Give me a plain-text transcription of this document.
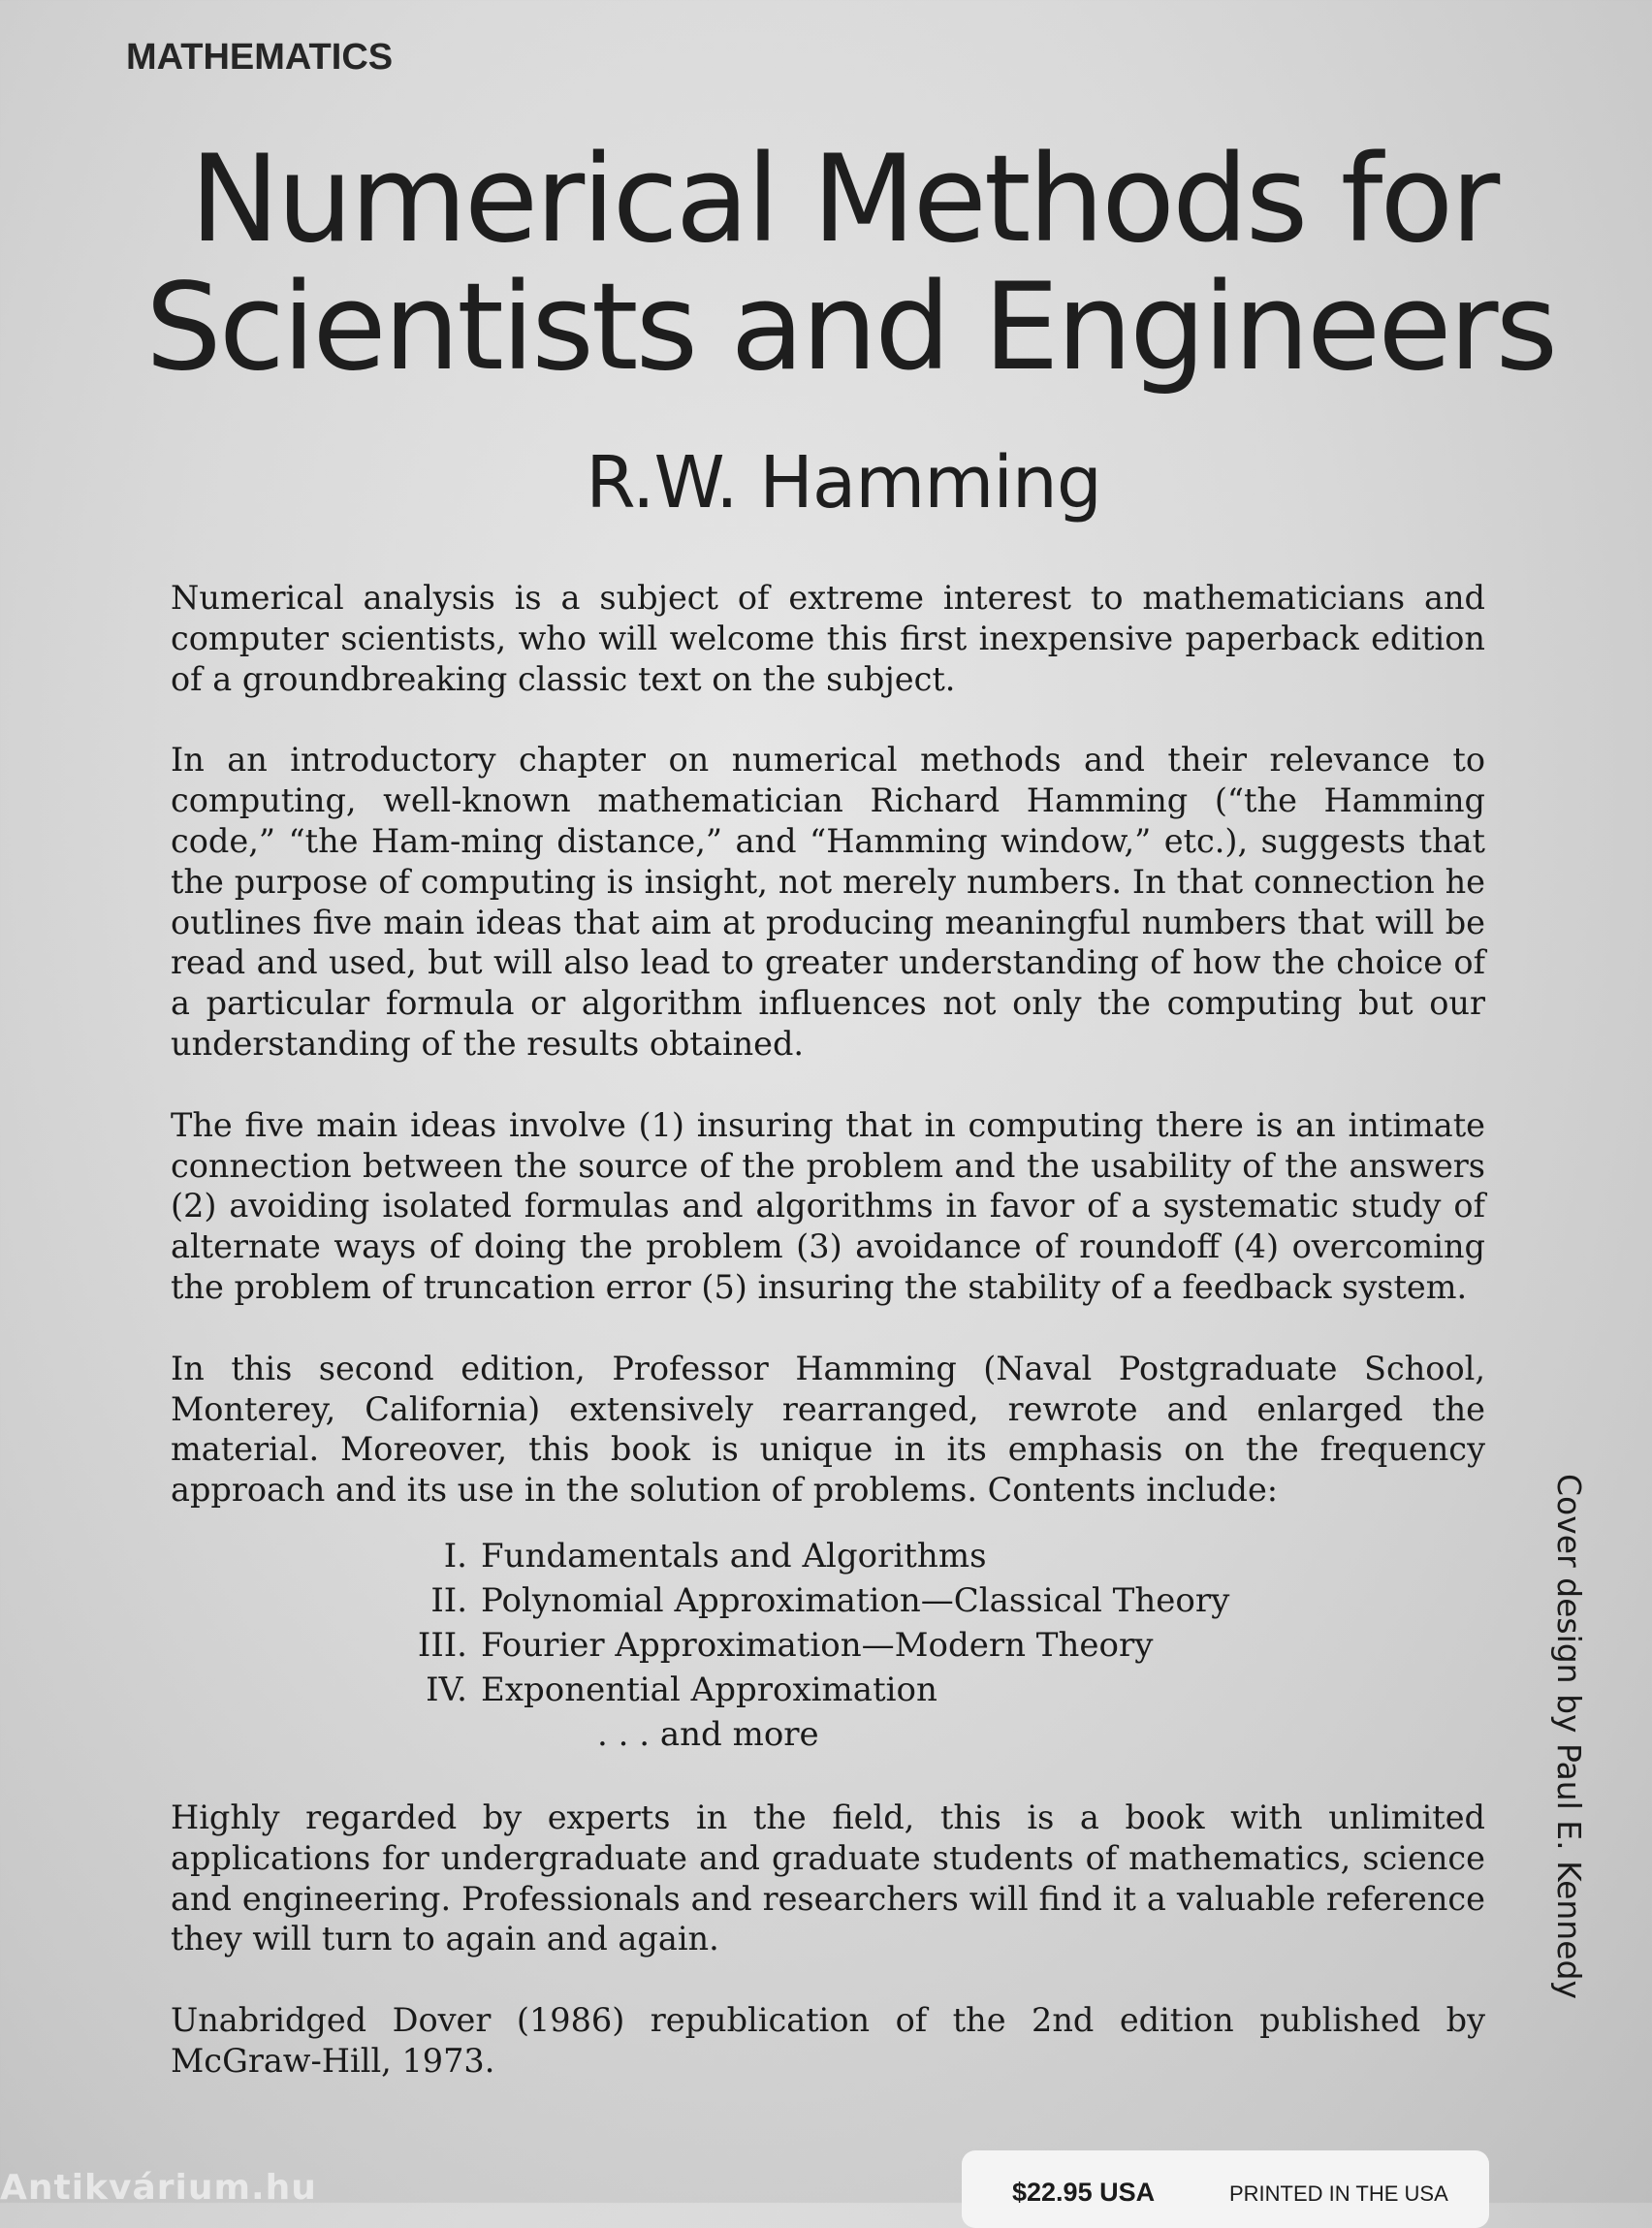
MATHEMATICS
Numerical Methods for
Scientists and Engineers
R.W. Hamming

Numerical analysis is a subject of extreme interest to mathematicians and computer scientists, who will welcome this first inexpensive paperback edition of a groundbreaking classic text on the subject.

In an introductory chapter on numerical methods and their relevance to computing, well-known mathematician Richard Hamming (“the Hamming code,” “the Ham-ming distance,” and “Hamming window,” etc.), suggests that the purpose of computing is insight, not merely numbers. In that connection he outlines five main ideas that aim at producing meaningful numbers that will be read and used, but will also lead to greater understanding of how the choice of a particular formula or algorithm influences not only the computing but our understanding of the results obtained.

The five main ideas involve (1) insuring that in computing there is an intimate connection between the source of the problem and the usability of the answers (2) avoiding isolated formulas and algorithms in favor of a systematic study of alternate ways of doing the problem (3) avoidance of roundoff (4) overcoming the problem of truncation error (5) insuring the stability of a feedback system.

In this second edition, Professor Hamming (Naval Postgraduate School, Monterey, California) extensively rearranged, rewrote and enlarged the material. Moreover, this book is unique in its emphasis on the frequency approach and its use in the solution of problems. Contents include:

I. Fundamentals and Algorithms
II. Polynomial Approximation—Classical Theory
III. Fourier Approximation—Modern Theory
IV. Exponential Approximation
. . . and more

Highly regarded by experts in the field, this is a book with unlimited applications for undergraduate and graduate students of mathematics, science and engineering. Professionals and researchers will find it a valuable reference they will turn to again and again.

Unabridged Dover (1986) republication of the 2nd edition published by McGraw-Hill, 1973.

Cover design by Paul E. Kennedy
$22.95 USA	PRINTED IN THE USA
Antikvárium.hu
